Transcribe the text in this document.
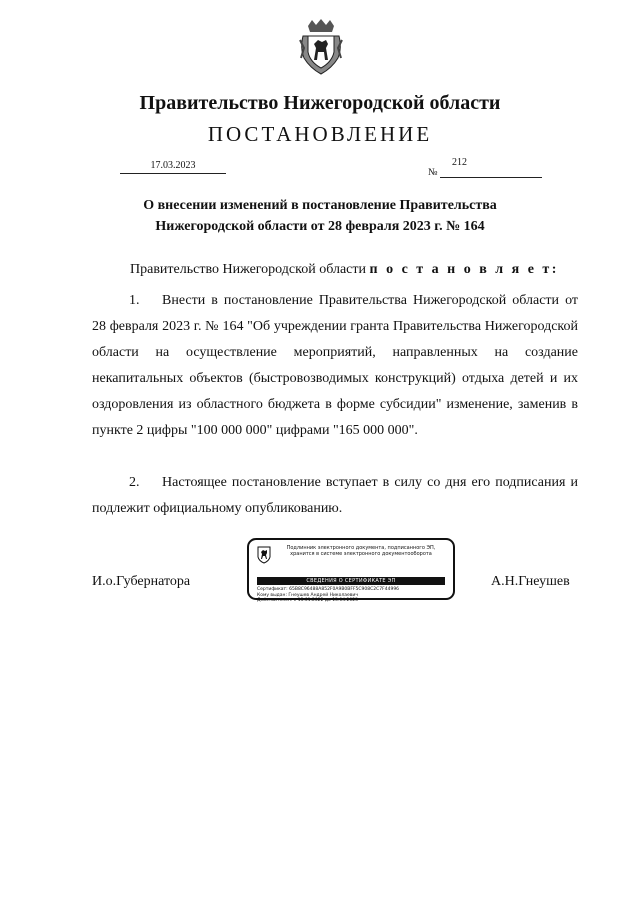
Правительство Нижегородской области
ПОСТАНОВЛЕНИЕ
17.03.2023
№
212
О внесении изменений в постановление Правительства
Нижегородской области от 28 февраля 2023 г. № 164
Правительство Нижегородской области п о с т а н о в л я е т:
1. Внести в постановление Правительства Нижегородской области от 28 февраля 2023 г. № 164 "Об учреждении гранта Правительства Нижегородской области на осуществление мероприятий, направленных на создание некапитальных объектов (быстровозводимых конструкций) отдыха детей и их оздоровления из областного бюджета в форме субсидии" изменение, заменив в пункте 2 цифры "100 000 000" цифрами "165 000 000".
2. Настоящее постановление вступает в силу со дня его подписания и подлежит официальному опубликованию.
И.о.Губернатора	А.Н.Гнеушев
Подлинник электронного документа, подписанного ЭП,
хранится в системе электронного документооборота
СВЕДЕНИЯ О СЕРТИФИКАТЕ ЭП
Сертификат: 65B8C96488A852F0A9B0BFF5C908C2C7F44996
Кому выдан: Гнеушев Андрей Николаевич
Действителен: с 13.01.2022 до 13.04.2023
